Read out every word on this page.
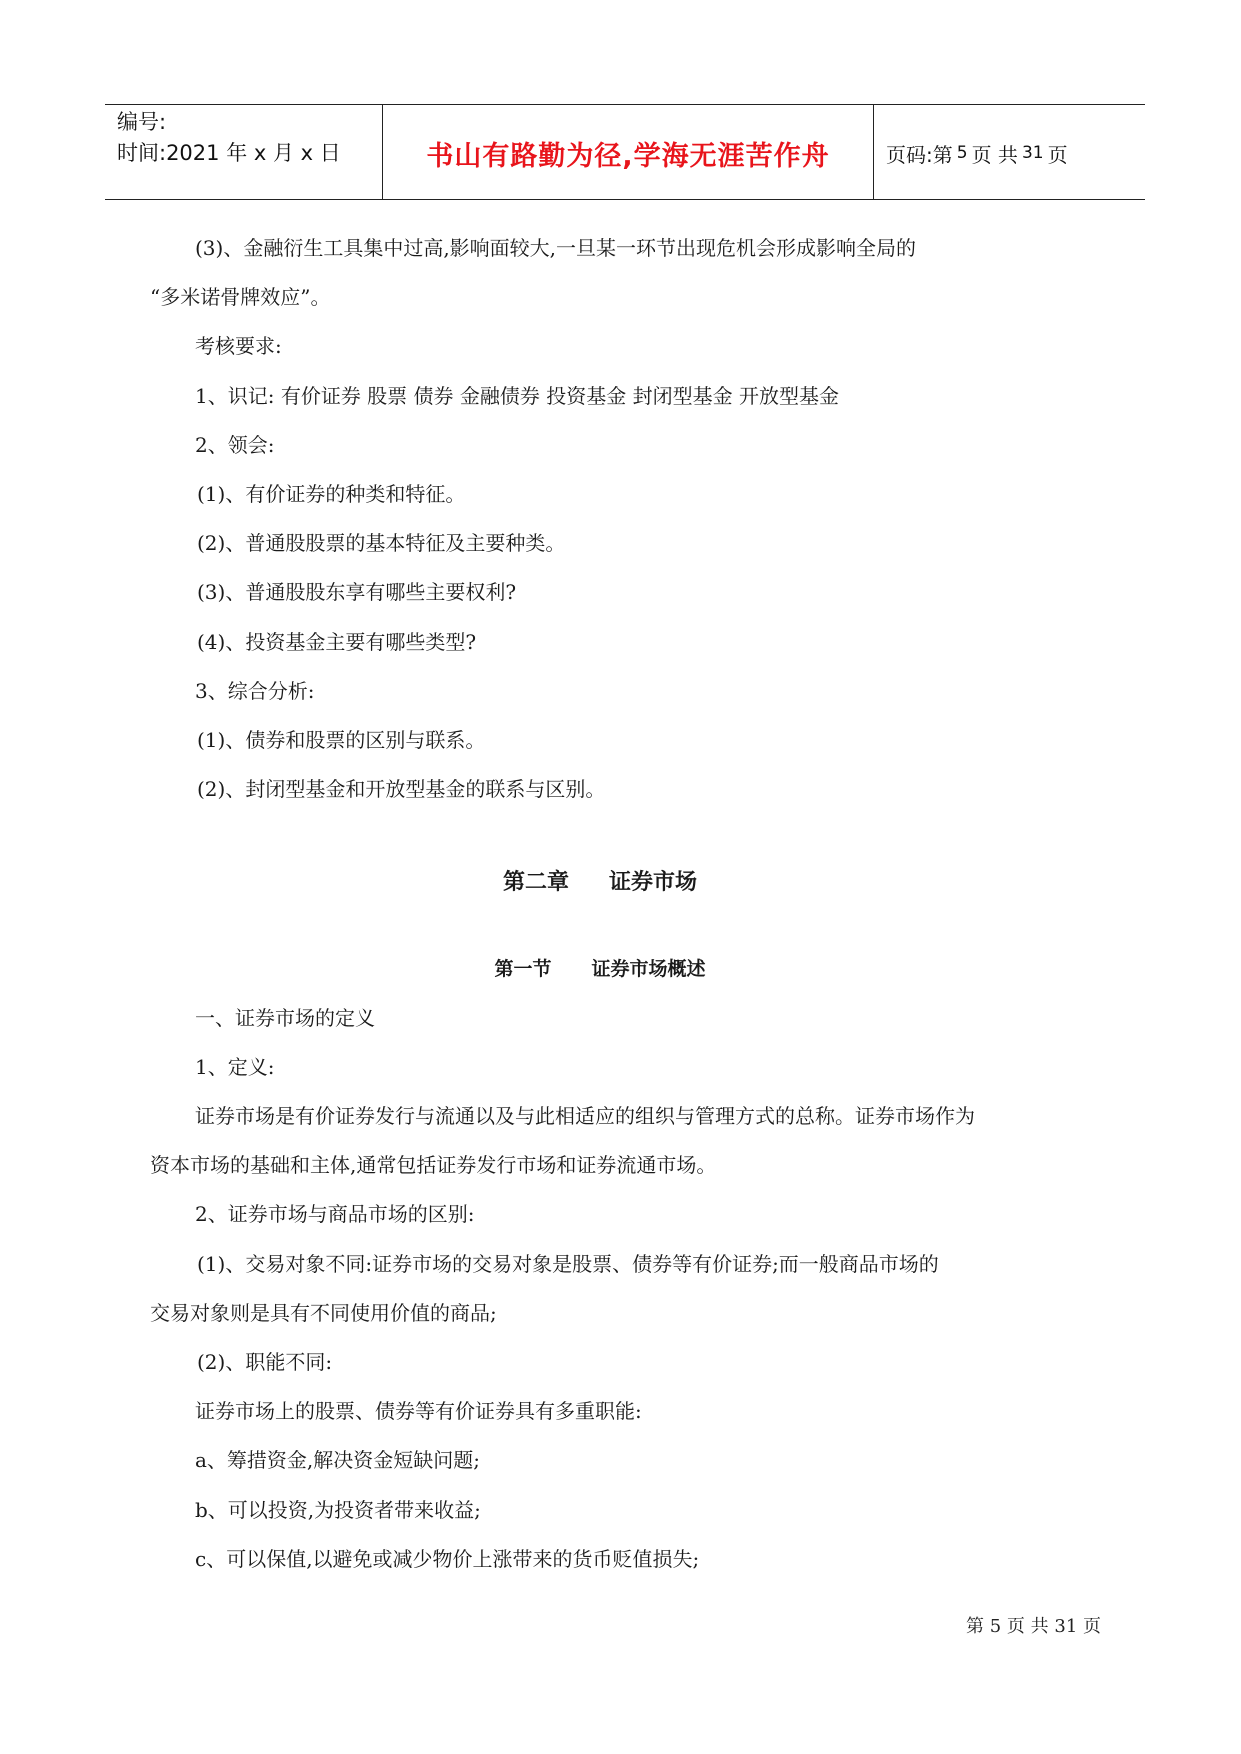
编号:
时间:2021 年 x 月 x 日	书山有路勤为径,学海无涯苦作舟	页码:第 5 页 共 31 页
(3)、金融衍生工具集中过高,影响面较大,一旦某一环节出现危机会形成影响全局的
“多米诺骨牌效应”。
考核要求:
1、识记: 有价证券 股票 债券 金融债券 投资基金 封闭型基金 开放型基金
2、领会:
(1)、有价证券的种类和特征。
(2)、普通股股票的基本特征及主要种类。
(3)、普通股股东享有哪些主要权利?
(4)、投资基金主要有哪些类型?
3、综合分析:
(1)、债券和股票的区别与联系。
(2)、封闭型基金和开放型基金的联系与区别。
第二章 证券市场
第一节 证券市场概述
一、证券市场的定义
1、定义:
证券市场是有价证券发行与流通以及与此相适应的组织与管理方式的总称。证券市场作为
资本市场的基础和主体,通常包括证券发行市场和证券流通市场。
2、证券市场与商品市场的区别:
(1)、交易对象不同:证券市场的交易对象是股票、债券等有价证券;而一般商品市场的
交易对象则是具有不同使用价值的商品;
(2)、职能不同:
证券市场上的股票、债券等有价证券具有多重职能:
a、筹措资金,解决资金短缺问题;
b、可以投资,为投资者带来收益;
c、可以保值,以避免或减少物价上涨带来的货币贬值损失;
第 5 页 共 31 页
